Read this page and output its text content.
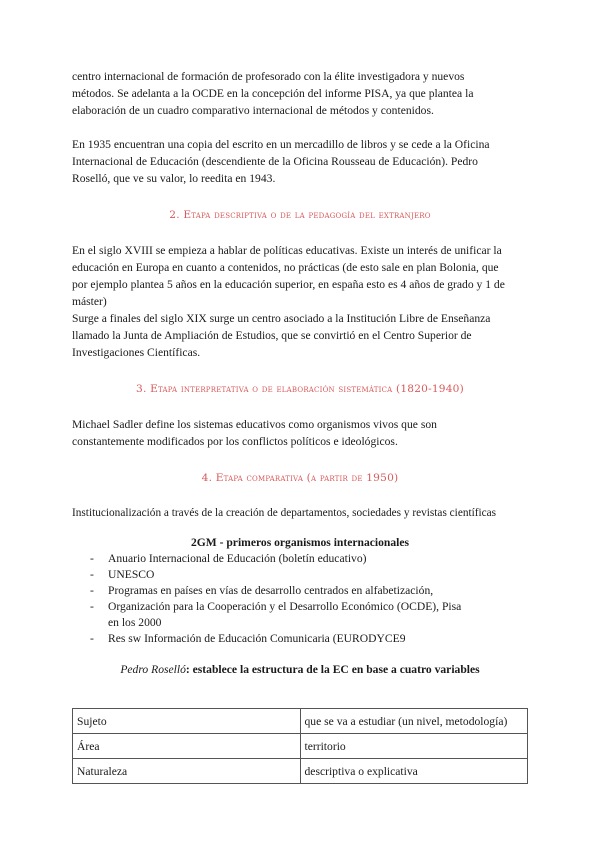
centro internacional de formación de profesorado con la élite investigadora y nuevos

métodos. Se adelanta a la OCDE en la concepción del informe PISA, ya que plantea la

elaboración de un cuadro comparativo internacional de métodos y contenidos.

En 1935 encuentran una copia del escrito en un mercadillo de libros y se cede a la Oficina

Internacional de Educación (descendiente de la Oficina Rousseau de Educación). Pedro

Roselló, que ve su valor, lo reedita en 1943.

2. Etapa descriptiva o de la pedagogía del extranjero

En el siglo XVIII se empieza a hablar de políticas educativas. Existe un interés de unificar la

educación en Europa en cuanto a contenidos, no prácticas (de esto sale en plan Bolonia, que

por ejemplo plantea 5 años en la educación superior, en españa esto es 4 años de grado y 1 de

máster)

Surge a finales del siglo XIX surge un centro asociado a la Institución Libre de Enseñanza

llamado la Junta de Ampliación de Estudios, que se convirtió en el Centro Superior de

Investigaciones Científicas.

3. Etapa interpretativa o de elaboración sistemática (1820-1940)

Michael Sadler define los sistemas educativos como organismos vivos que son

constantemente modificados por los conflictos políticos e ideológicos.

4. Etapa comparativa (a partir de 1950)

Institucionalización a través de la creación de departamentos, sociedades y revistas científicas

2GM - primeros organismos internacionales
- Anuario Internacional de Educación (boletín educativo)
- UNESCO
- Programas en países en vías de desarrollo centrados en alfabetización,
- Organización para la Cooperación y el Desarrollo Económico (OCDE), Pisa en los 2000
- Res sw Información de Educación Comunicaria (EURODYCE9
Pedro Roselló: establece la estructura de la EC en base a cuatro variables
Sujeto	que se va a estudiar (un nivel, metodología)
Área	territorio
Naturaleza	descriptiva o explicativa
